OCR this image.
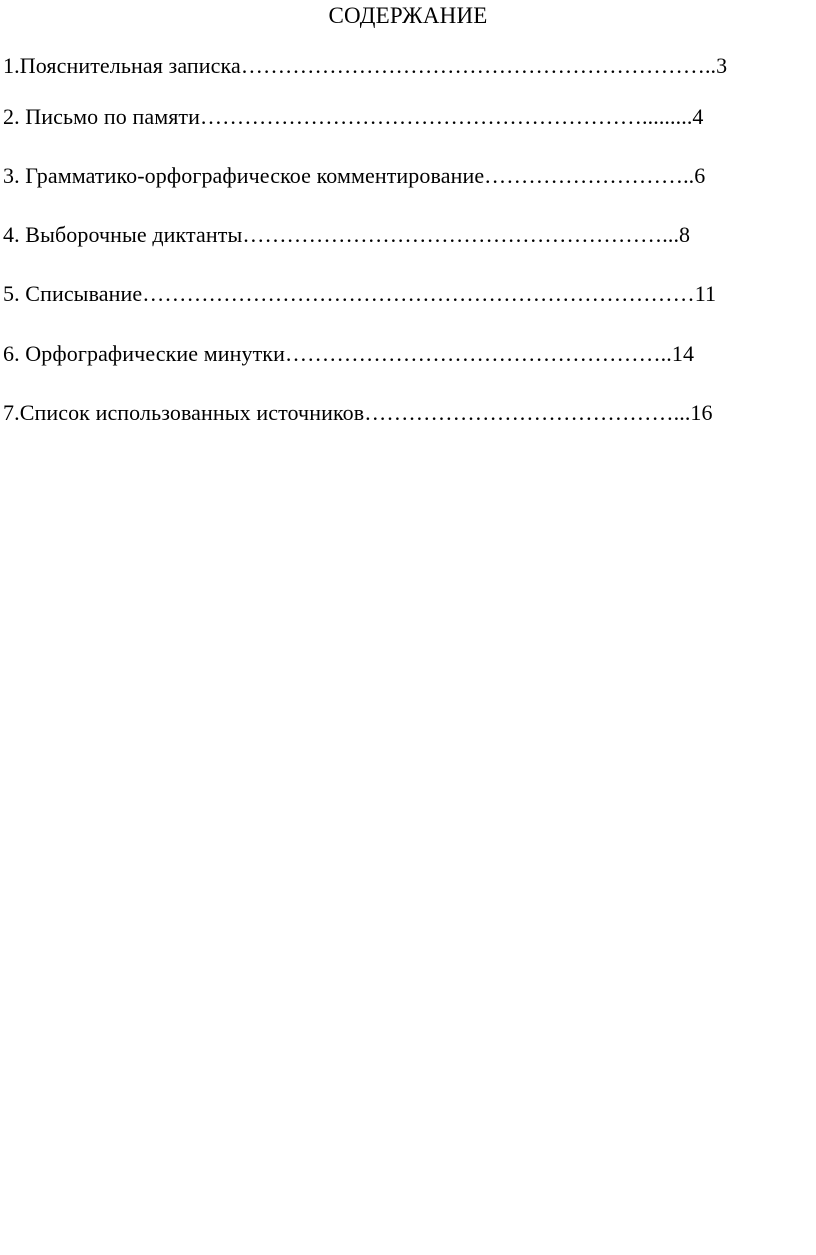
СОДЕРЖАНИЕ
1.Пояснительная записка………………………………………………………..3
2. Письмо по памяти…………………………………………………….........4
3. Грамматико-орфографическое комментирование………………………..6
4. Выборочные диктанты…………………………………………………...8
5. Списывание…………………………………………………………………11
6. Орфографические минутки……………………………………………..14
7.Список использованных источников……………………………………...16
